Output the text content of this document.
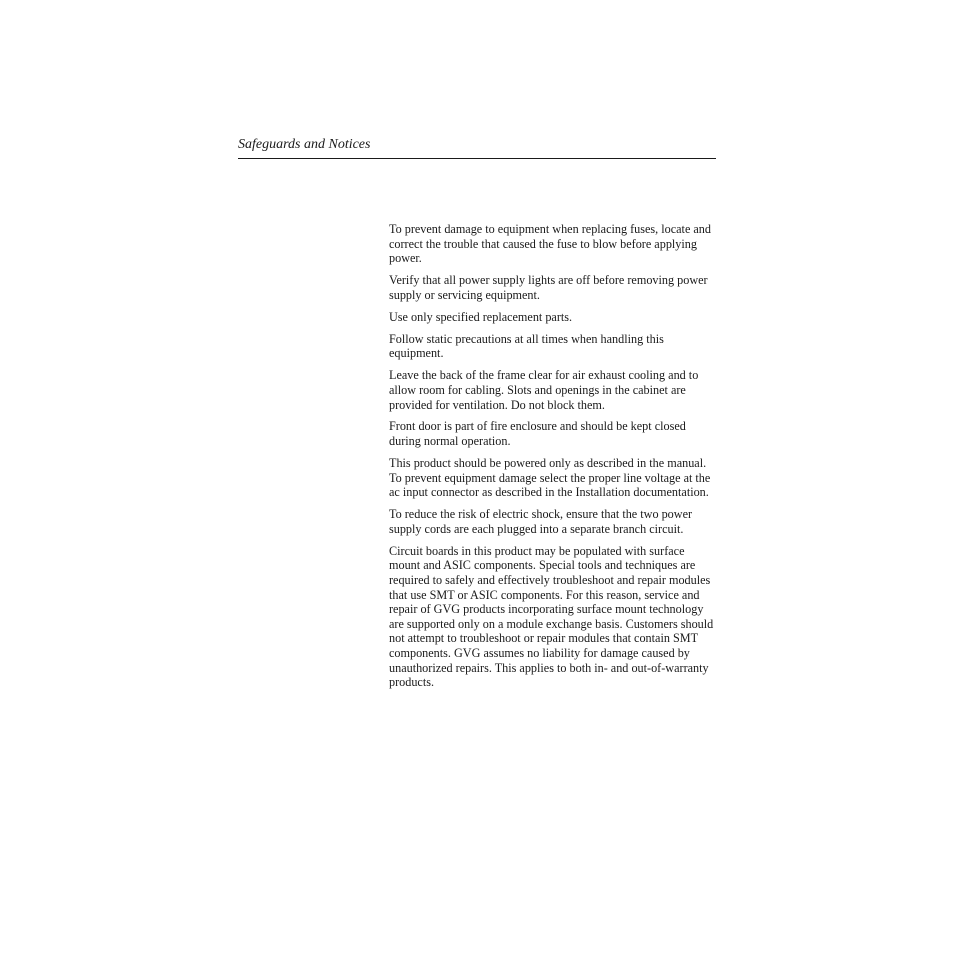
Safeguards and Notices

To prevent damage to equipment when replacing fuses, locate and correct the trouble that caused the fuse to blow before applying power.

Verify that all power supply lights are off before removing power supply or servicing equipment.

Use only specified replacement parts.

Follow static precautions at all times when handling this equipment.

Leave the back of the frame clear for air exhaust cooling and to allow room for cabling. Slots and openings in the cabinet are provided for ventilation. Do not block them.

Front door is part of fire enclosure and should be kept closed during normal operation.

This product should be powered only as described in the manual. To prevent equipment damage select the proper line voltage at the ac input connector as described in the Installation documentation.

To reduce the risk of electric shock, ensure that the two power supply cords are each plugged into a separate branch circuit.

Circuit boards in this product may be populated with surface mount and ASIC components. Special tools and techniques are required to safely and effectively troubleshoot and repair modules that use SMT or ASIC components. For this reason, service and repair of GVG products incorporating surface mount technology are supported only on a module exchange basis. Customers should not attempt to troubleshoot or repair modules that contain SMT components. GVG assumes no liability for damage caused by unauthorized repairs. This applies to both in- and out-of-warranty products.
